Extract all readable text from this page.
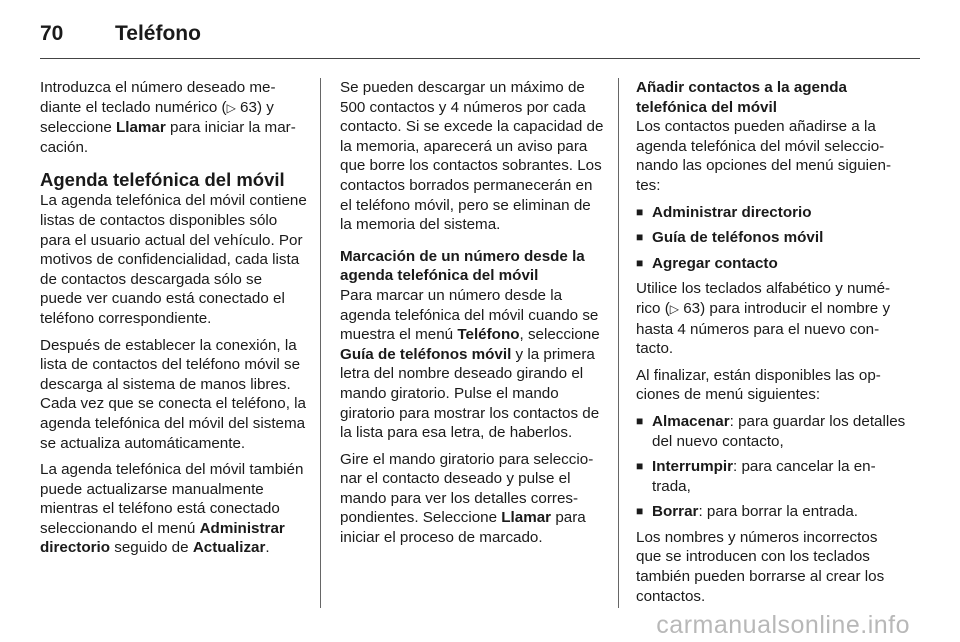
70	Teléfono

Introduzca el número deseado mediante el teclado numérico (▷ 63) y seleccione Llamar para iniciar la marcación.

Agenda telefónica del móvil

La agenda telefónica del móvil contiene listas de contactos disponibles sólo para el usuario actual del vehículo. Por motivos de confidencialidad, cada lista de contactos descargada sólo se puede ver cuando está conectado el teléfono correspondiente.

Después de establecer la conexión, la lista de contactos del teléfono móvil se descarga al sistema de manos libres. Cada vez que se conecta el teléfono, la agenda telefónica del móvil del sistema se actualiza automáticamente.

La agenda telefónica del móvil también puede actualizarse manualmente mientras el teléfono está conectado seleccionando el menú Administrar directorio seguido de Actualizar.

Se pueden descargar un máximo de 500 contactos y 4 números por cada contacto. Si se excede la capacidad de la memoria, aparecerá un aviso para que borre los contactos sobrantes. Los contactos borrados permanecerán en el teléfono móvil, pero se eliminan de la memoria del sistema.

Marcación de un número desde la agenda telefónica del móvil

Para marcar un número desde la agenda telefónica del móvil cuando se muestra el menú Teléfono, seleccione Guía de teléfonos móvil y la primera letra del nombre deseado girando el mando giratorio. Pulse el mando giratorio para mostrar los contactos de la lista para esa letra, de haberlos.

Gire el mando giratorio para seleccionar el contacto deseado y pulse el mando para ver los detalles correspondientes. Seleccione Llamar para iniciar el proceso de marcado.

Añadir contactos a la agenda telefónica del móvil

Los contactos pueden añadirse a la agenda telefónica del móvil seleccionando las opciones del menú siguientes:

■ Administrar directorio
■ Guía de teléfonos móvil
■ Agregar contacto

Utilice los teclados alfabético y numérico (▷ 63) para introducir el nombre y hasta 4 números para el nuevo contacto.

Al finalizar, están disponibles las opciones de menú siguientes:

■ Almacenar: para guardar los detalles del nuevo contacto,
■ Interrumpir: para cancelar la entrada,
■ Borrar: para borrar la entrada.

Los nombres y números incorrectos que se introducen con los teclados también pueden borrarse al crear los contactos.

carmanualsonline.info
